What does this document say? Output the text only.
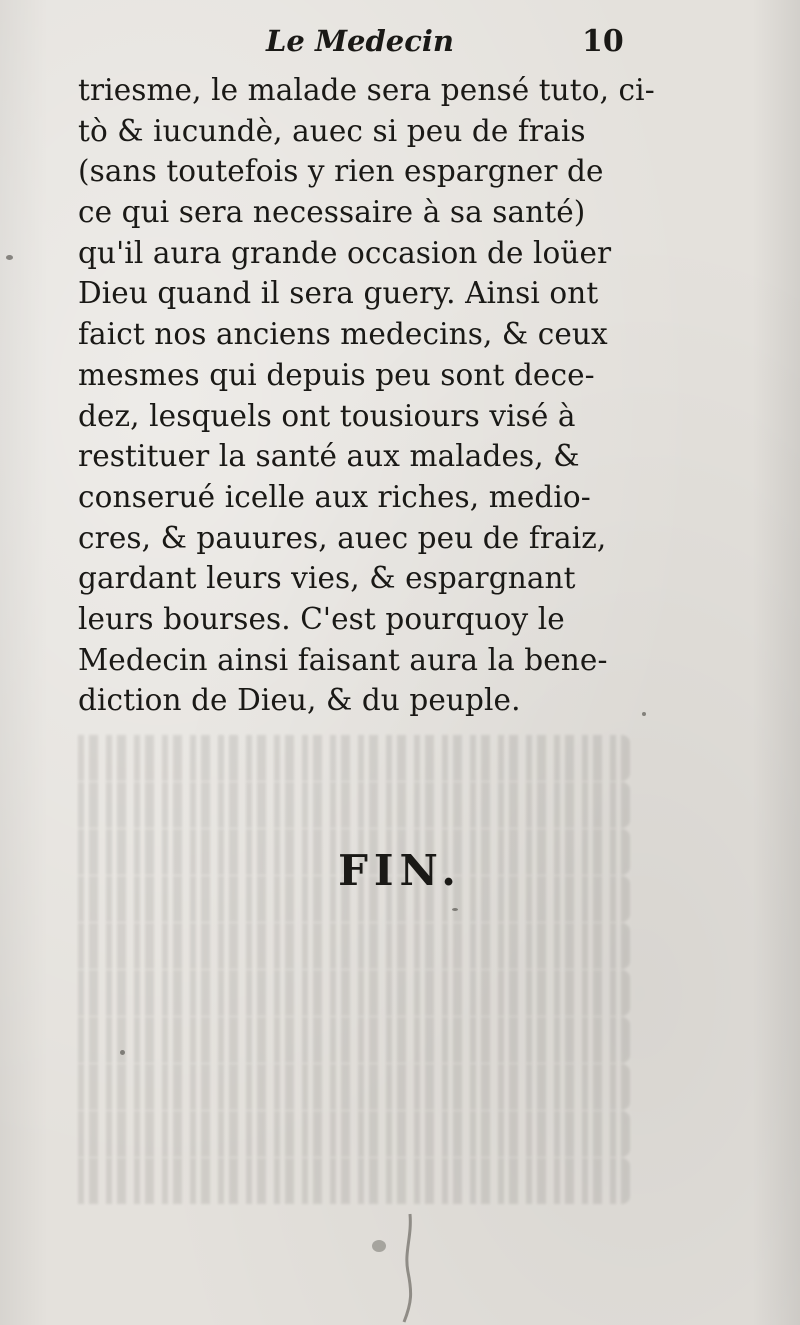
Le Medecin	10
triesme, le malade sera pensé tuto, ci-
tò & iucundè, auec si peu de frais
(sans toutefois y rien espargner de
ce qui sera necessaire à sa santé)
qu'il aura grande occasion de loüer
Dieu quand il sera guery. Ainsi ont
faict nos anciens medecins, & ceux
mesmes qui depuis peu sont dece-
dez, lesquels ont tousiours visé à
restituer la santé aux malades, &
conserué icelle aux riches, medio-
cres, & pauures, auec peu de fraiz,
gardant leurs vies, & espargnant
leurs bourses. C'est pourquoy le
Medecin ainsi faisant aura la bene-
diction de Dieu, & du peuple.
FIN.
